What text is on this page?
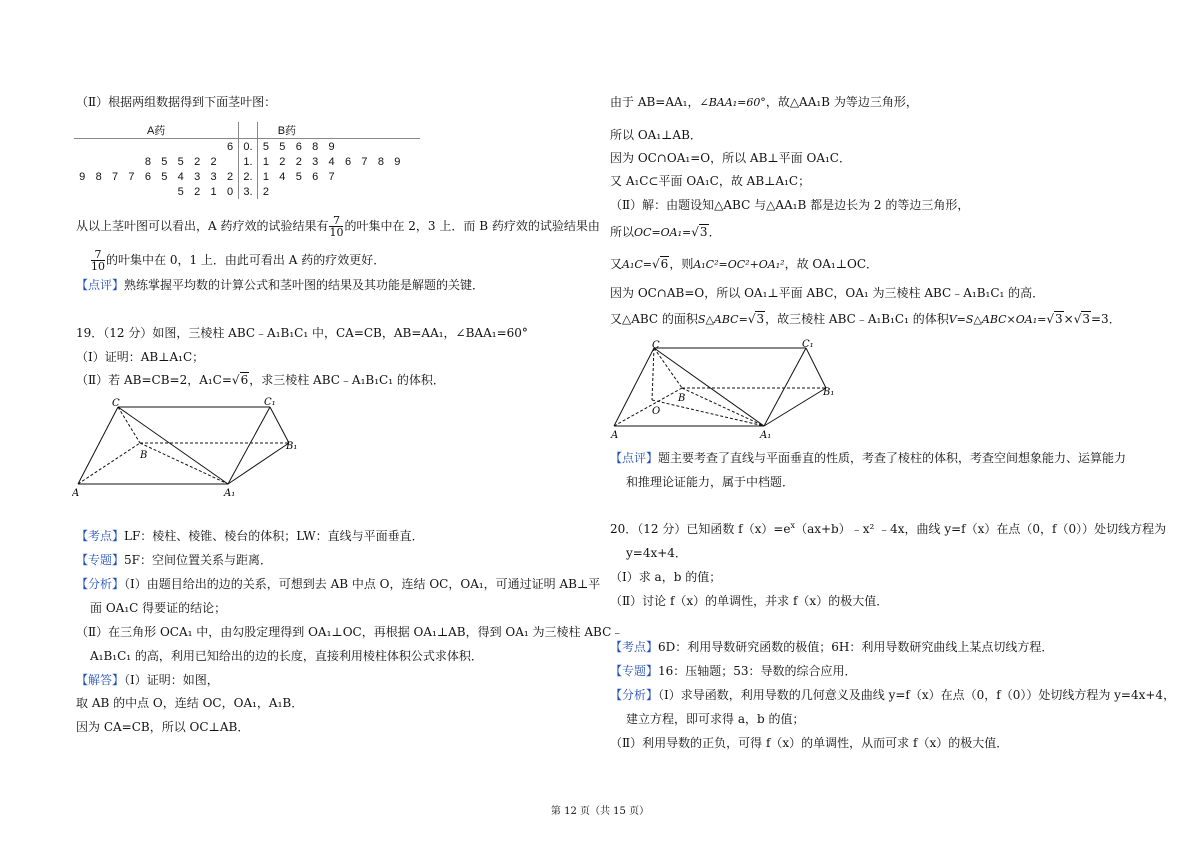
（Ⅱ）根据两组数据得到下面茎叶图：
A药											B药									
									6	0.	5	5	6	8	9					
				8	5	5	2	2		1.	1	2	2	3	4	6	7	8	9	
9	8	7	7	6	5	4	3	3	2	2.	1	4	5	6	7					
						5	2	1	0	3.	2									
从以上茎叶图可以看出，A 药疗效的试验结果有 $\frac{7}{10}$ 的叶集中在 2，3 上．而 B 药疗效的试验结果由
$\frac{7}{10}$ 的叶集中在 0，1 上．由此可看出 A 药的疗效更好．
【点评】熟练掌握平均数的计算公式和茎叶图的结果及其功能是解题的关键．
19．（12 分）如图，三棱柱 ABC﹣A₁B₁C₁ 中，CA=CB，AB=AA₁，∠BAA₁=60°
（Ⅰ）证明：AB⊥A₁C；
（Ⅱ）若 AB=CB=2，A₁C=√6，求三棱柱 ABC﹣A₁B₁C₁ 的体积．
C	C₁
B
B₁
A	A₁
【考点】LF：棱柱、棱锥、棱台的体积；LW：直线与平面垂直．
【专题】5F：空间位置关系与距离．
【分析】（Ⅰ）由题目给出的边的关系，可想到去 AB 中点 O，连结 OC，OA₁，可通过证明 AB⊥平
面 OA₁C 得要证的结论；
（Ⅱ）在三角形 OCA₁ 中，由勾股定理得到 OA₁⊥OC，再根据 OA₁⊥AB，得到 OA₁ 为三棱柱 ABC﹣
A₁B₁C₁ 的高，利用已知给出的边的长度，直接利用棱柱体积公式求体积．
【解答】（Ⅰ）证明：如图，
取 AB 的中点 O，连结 OC，OA₁，A₁B．
因为 CA=CB，所以 OC⊥AB．
由于 AB=AA₁，∠BAA₁=60°，故△AA₁B 为等边三角形，
所以 OA₁⊥AB．
因为 OC∩OA₁=O，所以 AB⊥平面 OA₁C．
又 A₁C⊂平面 OA₁C，故 AB⊥A₁C；
（Ⅱ）解：由题设知△ABC 与△AA₁B 都是边长为 2 的等边三角形，
所以OC=OA₁=√3．
又A₁C=√6，则A₁C²=OC²+OA₁²，故 OA₁⊥OC．
因为 OC∩AB=O，所以 OA₁⊥平面 ABC，OA₁ 为三棱柱 ABC﹣A₁B₁C₁ 的高．
又△ABC 的面积S△ABC=√3，故三棱柱 ABC﹣A₁B₁C₁ 的体积V=S△ABC×OA₁=√3×√3=3．
C	C₁
B
B₁
O
A	A₁
【点评】题主要考查了直线与平面垂直的性质，考查了棱柱的体积，考查空间想象能力、运算能力
和推理论证能力，属于中档题．
20．（12 分）已知函数 $f(x)=e^x(ax+b)﹣x^2$ ﹣4x，曲线 y=f（x）在点（0，f（0））处切线方程为
y=4x+4．
（Ⅰ）求 a，b 的值；
（Ⅱ）讨论 f（x）的单调性，并求 f（x）的极大值．
【考点】6D：利用导数研究函数的极值；6H：利用导数研究曲线上某点切线方程．
【专题】16：压轴题；53：导数的综合应用．
【分析】（Ⅰ）求导函数，利用导数的几何意义及曲线 y=f（x）在点（0，f（0））处切线方程为 y=4x+4，
建立方程，即可求得 a，b 的值；
（Ⅱ）利用导数的正负，可得 f（x）的单调性，从而可求 f（x）的极大值．
第 12 页（共 15 页）
